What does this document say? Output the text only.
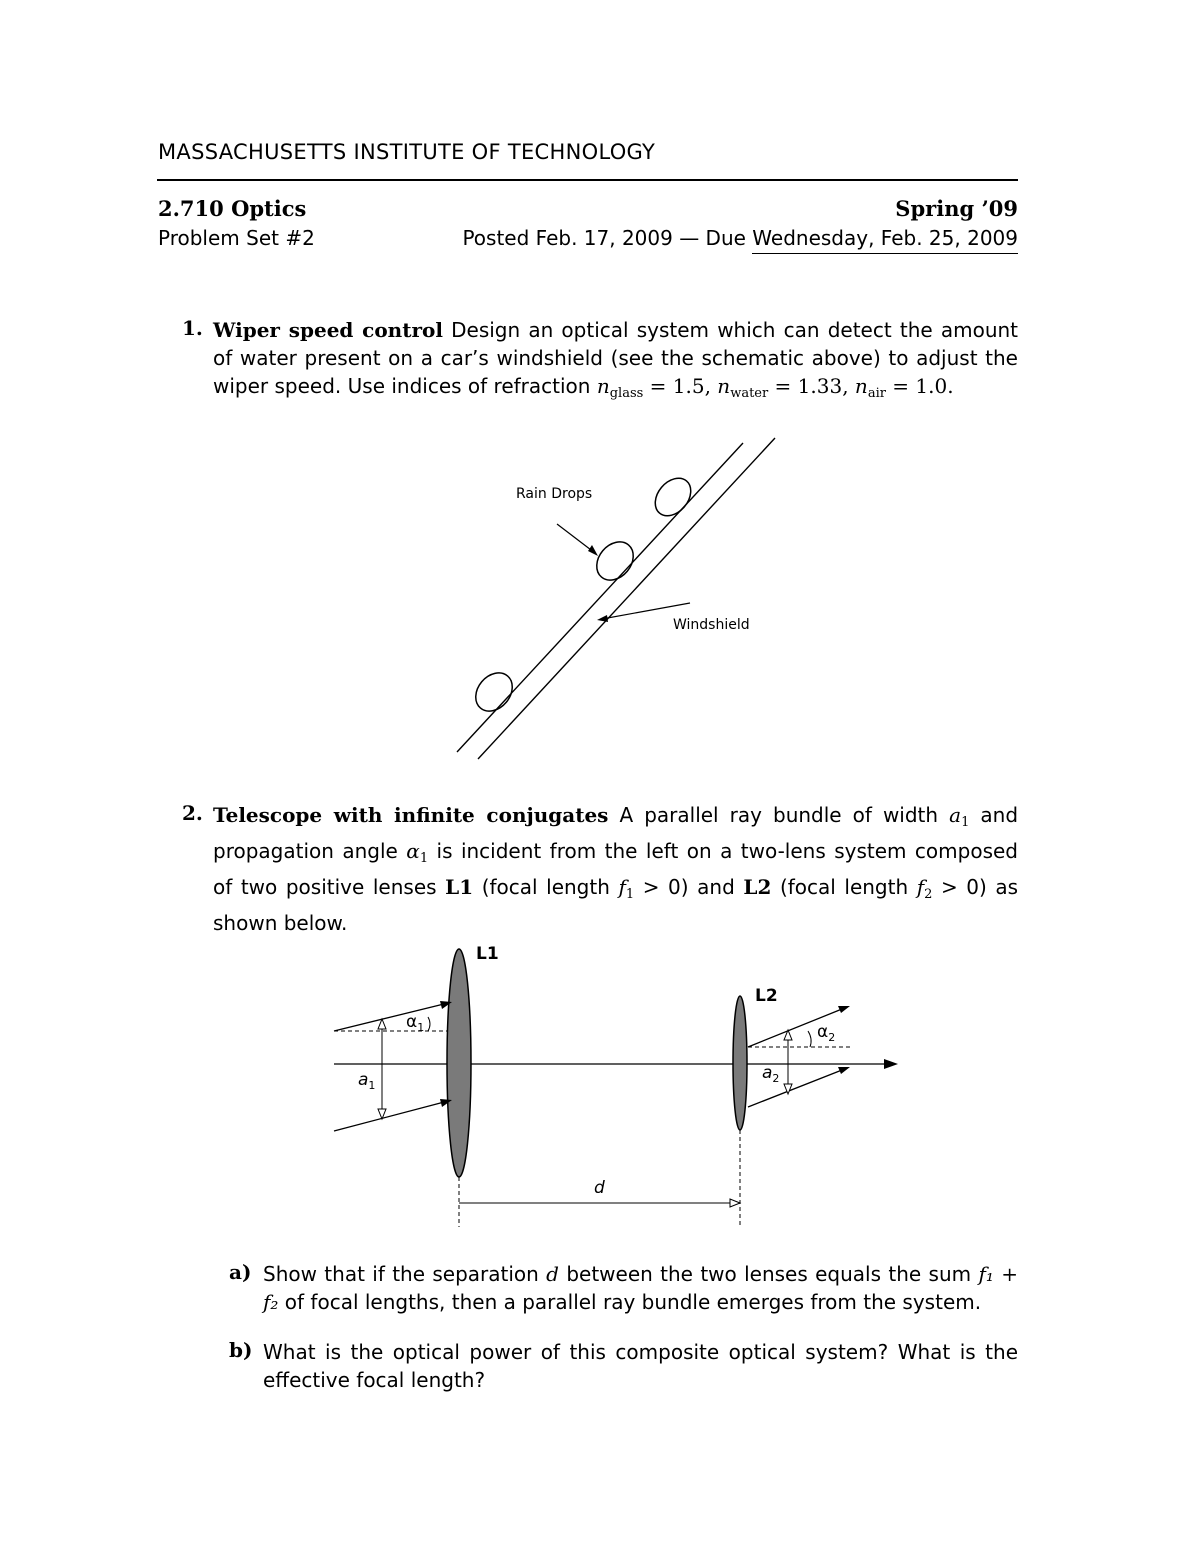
MASSACHUSETTS INSTITUTE OF TECHNOLOGY
2.710 Optics	Spring ’09
Problem Set #2	Posted Feb. 17, 2009 — Due Wednesday, Feb. 25, 2009
1. Wiper speed control Design an optical system which can detect the amount of water present on a car’s windshield (see the schematic above) to adjust the wiper speed. Use indices of refraction $n_{glass} = 1.5$, $n_{water} = 1.33$, $n_{air} = 1.0$.
Rain Drops
Windshield
2. Telescope with infinite conjugates A parallel ray bundle of width $a_1$ and propagation angle $\alpha_1$ is incident from the left on a two-lens system composed of two positive lenses L1 (focal length $f_1 > 0$) and L2 (focal length $f_2 > 0$) as shown below.
L1
L2
$\alpha_1$	$\alpha_2$
$a_1$
$a_2$
d
a) Show that if the separation d between the two lenses equals the sum f₁ + f₂ of focal lengths, then a parallel ray bundle emerges from the system.
b) What is the optical power of this composite optical system? What is the effective focal length?
